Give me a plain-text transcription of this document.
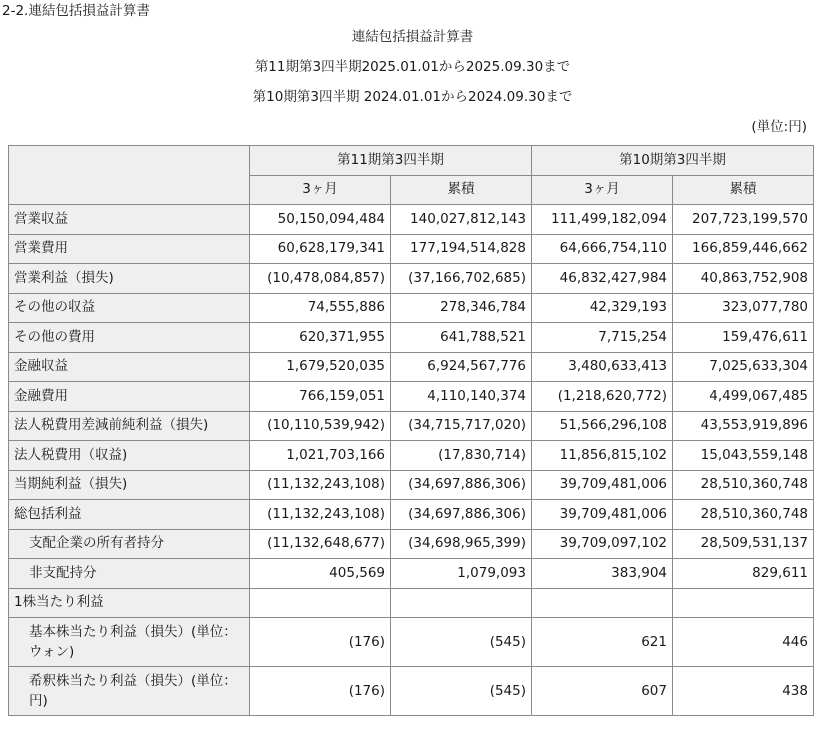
2-2.連結包括損益計算書
連結包括損益計算書
第11期第3四半期2025.01.01から2025.09.30まで
第10期第3四半期 2024.01.01から2024.09.30まで
(単位:円)
	第11期第3四半期		第10期第3四半期	
	3ヶ月	累積	3ヶ月	累積
営業収益	50,150,094,484	140,027,812,143	111,499,182,094	207,723,199,570
営業費用	60,628,179,341	177,194,514,828	64,666,754,110	166,859,446,662
営業利益（損失)	(10,478,084,857)	(37,166,702,685)	46,832,427,984	40,863,752,908
その他の収益	74,555,886	278,346,784	42,329,193	323,077,780
その他の費用	620,371,955	641,788,521	7,715,254	159,476,611
金融収益	1,679,520,035	6,924,567,776	3,480,633,413	7,025,633,304
金融費用	766,159,051	4,110,140,374	(1,218,620,772)	4,499,067,485
法人税費用差減前純利益（損失)	(10,110,539,942)	(34,715,717,020)	51,566,296,108	43,553,919,896
法人税費用（収益)	1,021,703,166	(17,830,714)	11,856,815,102	15,043,559,148
当期純利益（損失)	(11,132,243,108)	(34,697,886,306)	39,709,481,006	28,510,360,748
総包括利益	(11,132,243,108)	(34,697,886,306)	39,709,481,006	28,510,360,748
支配企業の所有者持分	(11,132,648,677)	(34,698,965,399)	39,709,097,102	28,509,531,137
非支配持分	405,569	1,079,093	383,904	829,611
1株当たり利益				
基本株当たり利益（損失）(単位：ウォン)	(176)	(545)	621	446
希釈株当たり利益（損失）(単位：円)	(176)	(545)	607	438
